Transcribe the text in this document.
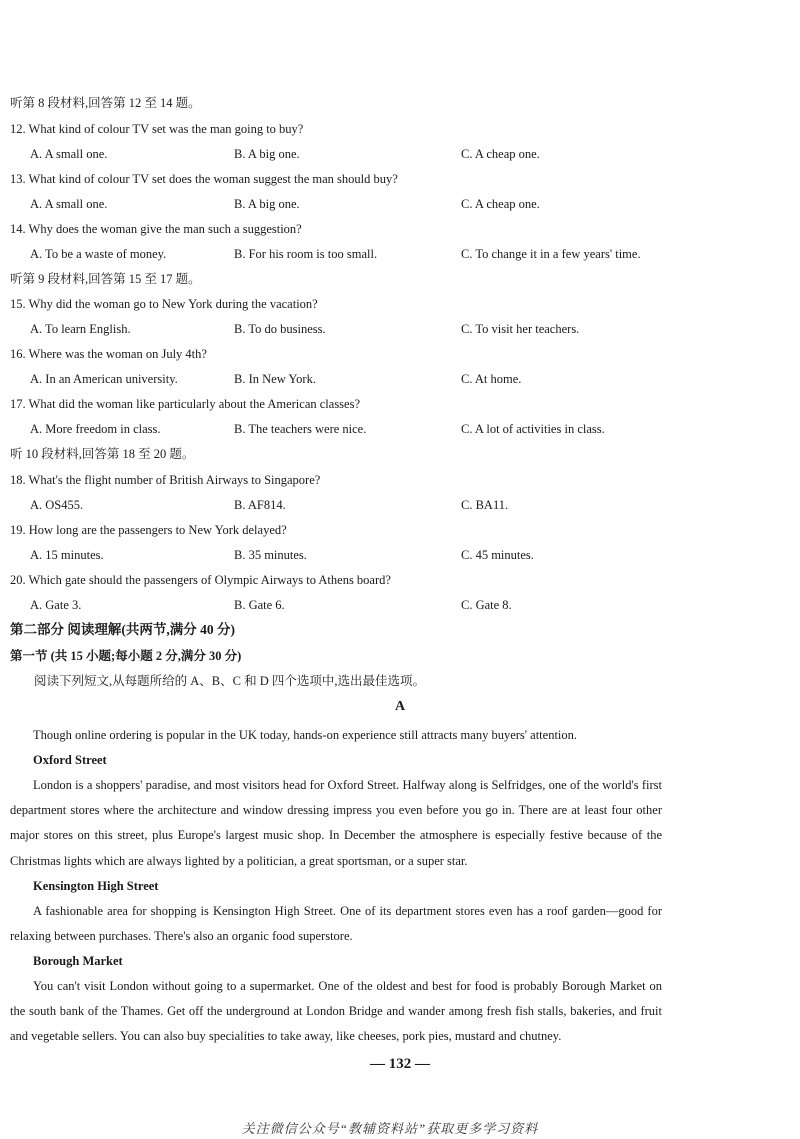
听第 8 段材料,回答第 12 至 14 题。
12. What kind of colour TV set was the man going to buy?
A. A small one.	B. A big one.	C. A cheap one.
13. What kind of colour TV set does the woman suggest the man should buy?
A. A small one.	B. A big one.	C. A cheap one.
14. Why does the woman give the man such a suggestion?
A. To be a waste of money.	B. For his room is too small.	C. To change it in a few years' time.
听第 9 段材料,回答第 15 至 17 题。
15. Why did the woman go to New York during the vacation?
A. To learn English.	B. To do business.	C. To visit her teachers.
16. Where was the woman on July 4th?
A. In an American university.	B. In New York.	C. At home.
17. What did the woman like particularly about the American classes?
A. More freedom in class.	B. The teachers were nice.	C. A lot of activities in class.
听 10 段材料,回答第 18 至 20 题。
18. What's the flight number of British Airways to Singapore?
A. OS455.	B. AF814.	C. BA11.
19. How long are the passengers to New York delayed?
A. 15 minutes.	B. 35 minutes.	C. 45 minutes.
20. Which gate should the passengers of Olympic Airways to Athens board?
A. Gate 3.	B. Gate 6.	C. Gate 8.
第二部分 阅读理解(共两节,满分 40 分)
第一节 (共 15 小题;每小题 2 分,满分 30 分)
阅读下列短文,从每题所给的 A、B、C 和 D 四个选项中,选出最佳选项。
A
Though online ordering is popular in the UK today, hands-on experience still attracts many buyers' attention.
Oxford Street
London is a shoppers' paradise, and most visitors head for Oxford Street. Halfway along is Selfridges, one of the world's first department stores where the architecture and window dressing impress you even before you go in. There are at least four other major stores on this street, plus Europe's largest music shop. In December the atmosphere is especially festive because of the Christmas lights which are always lighted by a politician, a great sportsman, or a super star.
Kensington High Street
A fashionable area for shopping is Kensington High Street. One of its department stores even has a roof garden—good for relaxing between purchases. There's also an organic food superstore.
Borough Market
You can't visit London without going to a supermarket. One of the oldest and best for food is probably Borough Market on the south bank of the Thames. Get off the underground at London Bridge and wander among fresh fish stalls, bakeries, and fruit and vegetable sellers. You can also buy specialities to take away, like cheeses, pork pies, mustard and chutney.
— 132 —
关注微信公众号“教辅资料站”获取更多学习资料
